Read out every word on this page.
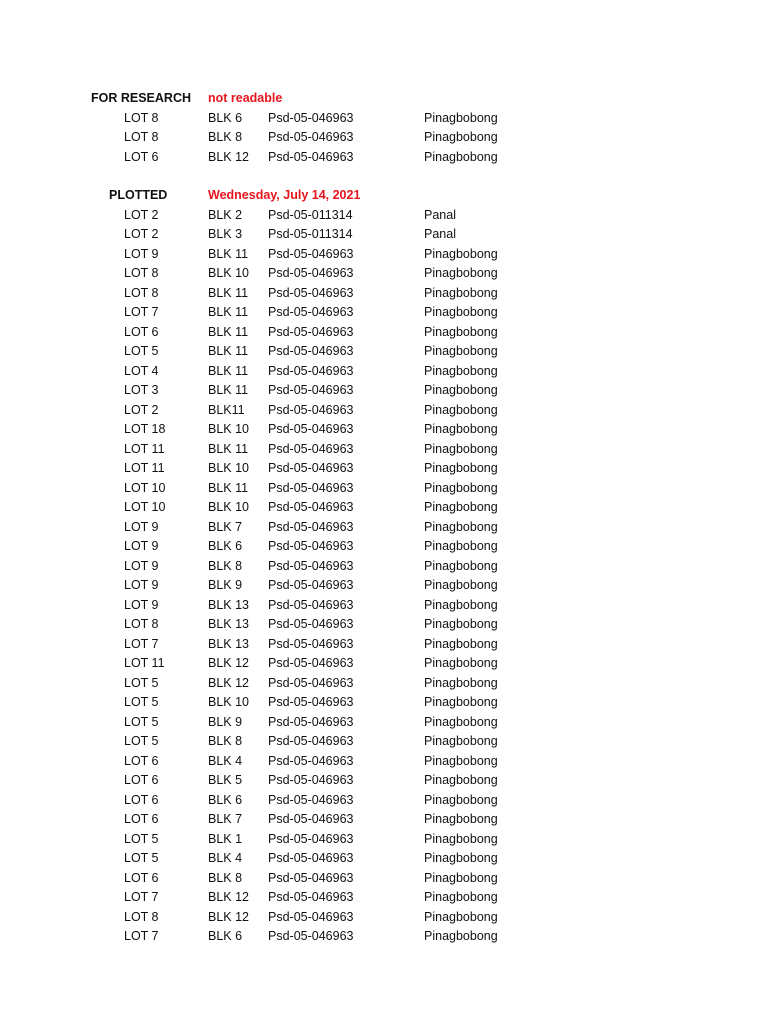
FOR RESEARCH not readable
LOT 8	BLK 6 Psd-05-046963	Pinagbobong
LOT 8	BLK 8 Psd-05-046963	Pinagbobong
LOT 6	BLK 12 Psd-05-046963	Pinagbobong
PLOTTED	Wednesday, July 14, 2021
LOT 2	BLK 2 Psd-05-011314	Panal
LOT 2	BLK 3 Psd-05-011314	Panal
LOT 9	BLK 11 Psd-05-046963	Pinagbobong
LOT 8	BLK 10 Psd-05-046963	Pinagbobong
LOT 8	BLK 11 Psd-05-046963	Pinagbobong
LOT 7	BLK 11 Psd-05-046963	Pinagbobong
LOT 6	BLK 11 Psd-05-046963	Pinagbobong
LOT 5	BLK 11 Psd-05-046963	Pinagbobong
LOT 4	BLK 11 Psd-05-046963	Pinagbobong
LOT 3	BLK 11 Psd-05-046963	Pinagbobong
LOT 2	BLK11 Psd-05-046963	Pinagbobong
LOT 18	BLK 10 Psd-05-046963	Pinagbobong
LOT 11	BLK 11 Psd-05-046963	Pinagbobong
LOT 11	BLK 10 Psd-05-046963	Pinagbobong
LOT 10	BLK 11 Psd-05-046963	Pinagbobong
LOT 10	BLK 10 Psd-05-046963	Pinagbobong
LOT 9	BLK 7 Psd-05-046963	Pinagbobong
LOT 9	BLK 6 Psd-05-046963	Pinagbobong
LOT 9	BLK 8 Psd-05-046963	Pinagbobong
LOT 9	BLK 9 Psd-05-046963	Pinagbobong
LOT 9	BLK 13 Psd-05-046963	Pinagbobong
LOT 8	BLK 13 Psd-05-046963	Pinagbobong
LOT 7	BLK 13 Psd-05-046963	Pinagbobong
LOT 11	BLK 12 Psd-05-046963	Pinagbobong
LOT 5	BLK 12 Psd-05-046963	Pinagbobong
LOT 5	BLK 10 Psd-05-046963	Pinagbobong
LOT 5	BLK 9 Psd-05-046963	Pinagbobong
LOT 5	BLK 8 Psd-05-046963	Pinagbobong
LOT 6	BLK 4 Psd-05-046963	Pinagbobong
LOT 6	BLK 5 Psd-05-046963	Pinagbobong
LOT 6	BLK 6 Psd-05-046963	Pinagbobong
LOT 6	BLK 7 Psd-05-046963	Pinagbobong
LOT 5	BLK 1 Psd-05-046963	Pinagbobong
LOT 5	BLK 4 Psd-05-046963	Pinagbobong
LOT 6	BLK 8 Psd-05-046963	Pinagbobong
LOT 7	BLK 12 Psd-05-046963	Pinagbobong
LOT 8	BLK 12 Psd-05-046963	Pinagbobong
LOT 7	BLK 6 Psd-05-046963	Pinagbobong
